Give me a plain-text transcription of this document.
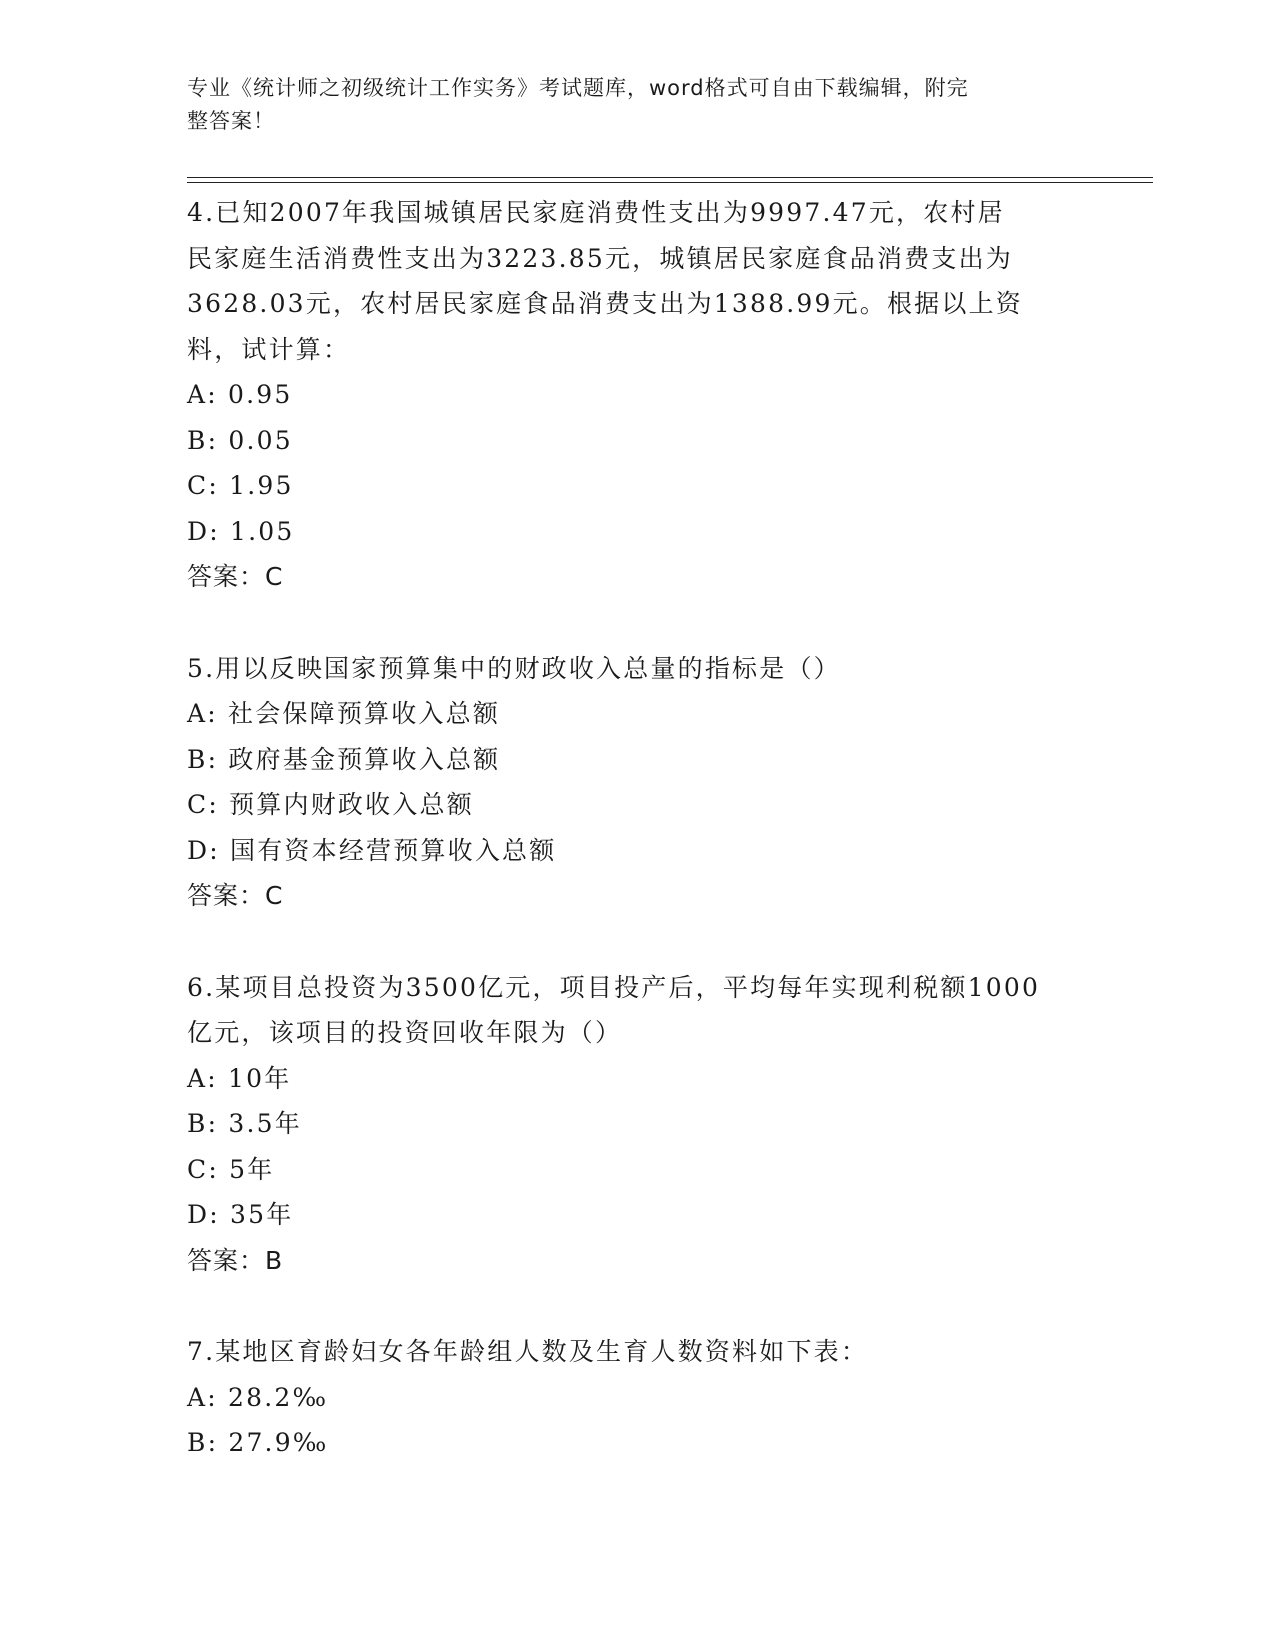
专业《统计师之初级统计工作实务》考试题库，word格式可自由下载编辑，附完
整答案！
4.已知2007年我国城镇居民家庭消费性支出为9997.47元，农村居
民家庭生活消费性支出为3223.85元，城镇居民家庭食品消费支出为
3628.03元，农村居民家庭食品消费支出为1388.99元。根据以上资
料，试计算：
A: 0.95
B: 0.05
C: 1.95
D: 1.05
答案：C
5.用以反映国家预算集中的财政收入总量的指标是（）
A: 社会保障预算收入总额
B: 政府基金预算收入总额
C: 预算内财政收入总额
D: 国有资本经营预算收入总额
答案：C
6.某项目总投资为3500亿元，项目投产后，平均每年实现利税额1000
亿元，该项目的投资回收年限为（）
A: 10年
B: 3.5年
C: 5年
D: 35年
答案：B
7.某地区育龄妇女各年龄组人数及生育人数资料如下表：
A: 28.2‰
B: 27.9‰
